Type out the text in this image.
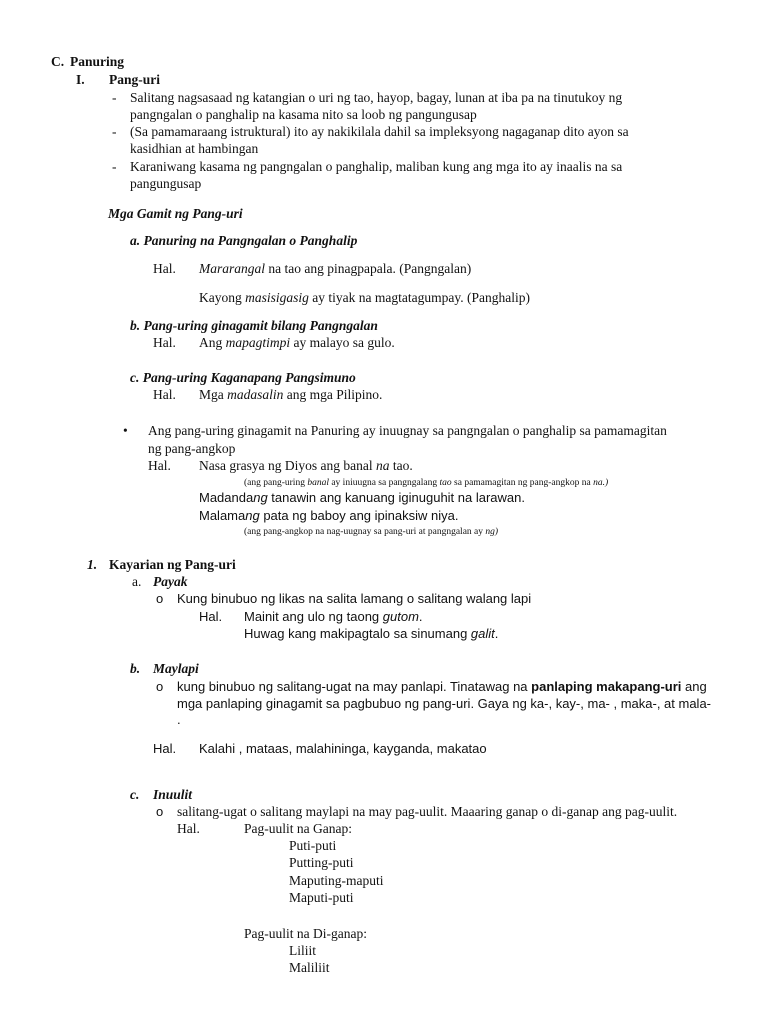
C. Panuring
I. Pang-uri
- Salitang nagsasaad ng katangian o uri ng tao, hayop, bagay, lunan at iba pa na tinutukoy ng
pangngalan o panghalip na kasama nito sa loob ng pangungusap
- (Sa pamamaraang istruktural) ito ay nakikilala dahil sa impleksyong nagaganap dito ayon sa
kasidhian at hambingan
- Karaniwang kasama ng pangngalan o panghalip, maliban kung ang mga ito ay inaalis na sa
pangungusap
Mga Gamit ng Pang-uri
a. Panuring na Pangngalan o Panghalip
Hal. Mararangal na tao ang pinagpapala. (Pangngalan)
Kayong masisigasig ay tiyak na magtatagumpay. (Panghalip)
b. Pang-uring ginagamit bilang Pangngalan
Hal. Ang mapagtimpi ay malayo sa gulo.
c. Pang-uring Kaganapang Pangsimuno
Hal. Mga madasalin ang mga Pilipino.
• Ang pang-uring ginagamit na Panuring ay inuugnay sa pangngalan o panghalip sa pamamagitan
ng pang-angkop
Hal. Nasa grasya ng Diyos ang banal na tao.
(ang pang-uring banal ay iniuugna sa pangngalang tao sa pamamagitan ng pang-angkop na na.)
Madandang tanawin ang kanuang iginuguhit na larawan.
Malamang pata ng baboy ang ipinaksiw niya.
(ang pang-angkop na nag-uugnay sa pang-uri at pangngalan ay ng)
1. Kayarian ng Pang-uri
a. Payak
o Kung binubuo ng likas na salita lamang o salitang walang lapi
Hal. Mainit ang ulo ng taong gutom.
Huwag kang makipagtalo sa sinumang galit.
b. Maylapi
o kung binubuo ng salitang-ugat na may panlapi. Tinatawag na panlaping makapang-uri ang
mga panlaping ginagamit sa pagbubuo ng pang-uri. Gaya ng ka-, kay-, ma- , maka-, at mala-
.
Hal. Kalahi , mataas, malahininga, kayganda, makatao
c. Inuulit
o salitang-ugat o salitang maylapi na may pag-uulit. Maaaring ganap o di-ganap ang pag-uulit.
Hal.	Pag-uulit na Ganap:
Puti-puti
Putting-puti
Maputing-maputi
Maputi-puti
Pag-uulit na Di-ganap:
Liliit
Maliliit
